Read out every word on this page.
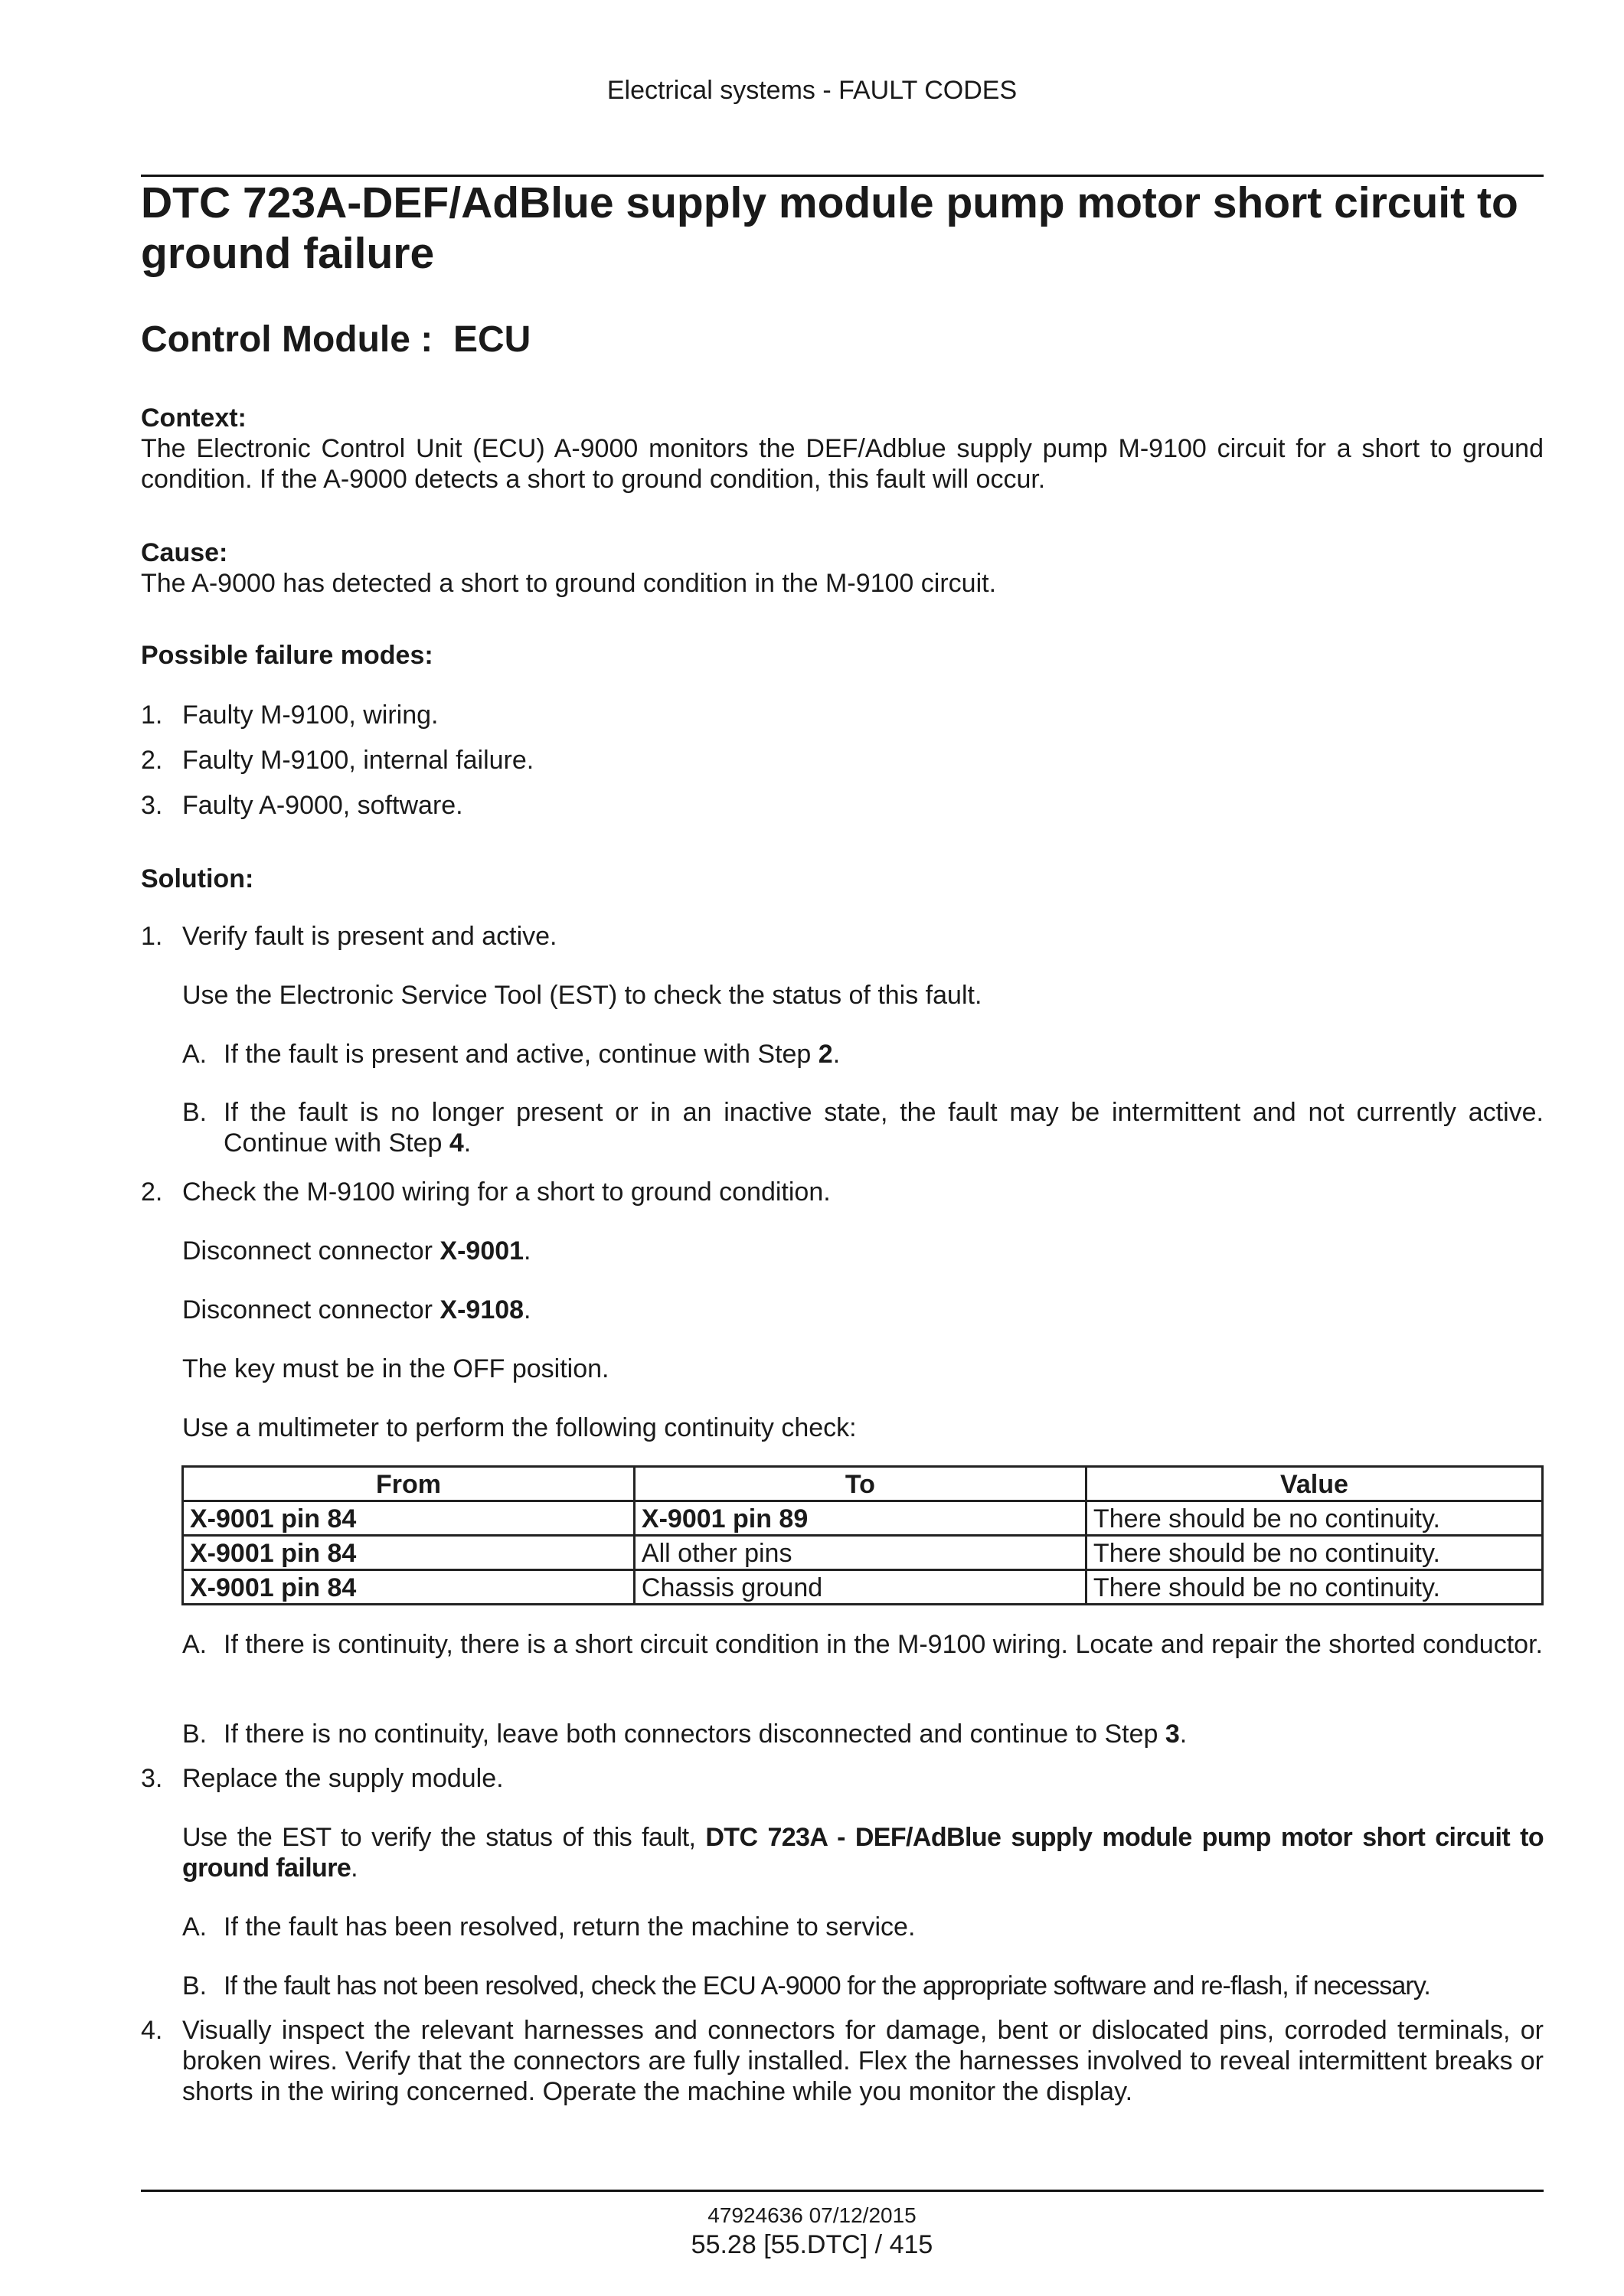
Electrical systems - FAULT CODES
DTC 723A-DEF/AdBlue supply module pump motor short circuit to ground failure
Control Module : ECU
Context:
The Electronic Control Unit (ECU) A-9000 monitors the DEF/Adblue supply pump M-9100 circuit for a short to ground condition. If the A-9000 detects a short to ground condition, this fault will occur.
Cause:
The A-9000 has detected a short to ground condition in the M-9100 circuit.
Possible failure modes:
1. Faulty M-9100, wiring.
2. Faulty M-9100, internal failure.
3. Faulty A-9000, software.
Solution:
1. Verify fault is present and active.
Use the Electronic Service Tool (EST) to check the status of this fault.
A. If the fault is present and active, continue with Step 2.
B. If the fault is no longer present or in an inactive state, the fault may be intermittent and not currently active. Continue with Step 4.
2. Check the M-9100 wiring for a short to ground condition.
Disconnect connector X-9001.
Disconnect connector X-9108.
The key must be in the OFF position.
Use a multimeter to perform the following continuity check:
From	To	Value
X-9001 pin 84	X-9001 pin 89	There should be no continuity.
X-9001 pin 84	All other pins	There should be no continuity.
X-9001 pin 84	Chassis ground	There should be no continuity.
A. If there is continuity, there is a short circuit condition in the M-9100 wiring. Locate and repair the shorted conductor.
B. If there is no continuity, leave both connectors disconnected and continue to Step 3.
3. Replace the supply module.
Use the EST to verify the status of this fault, DTC 723A - DEF/AdBlue supply module pump motor short circuit to ground failure.
A. If the fault has been resolved, return the machine to service.
B. If the fault has not been resolved, check the ECU A-9000 for the appropriate software and re-flash, if necessary.
4. Visually inspect the relevant harnesses and connectors for damage, bent or dislocated pins, corroded terminals, or broken wires. Verify that the connectors are fully installed. Flex the harnesses involved to reveal intermittent breaks or shorts in the wiring concerned. Operate the machine while you monitor the display.
47924636 07/12/2015
55.28 [55.DTC] / 415
